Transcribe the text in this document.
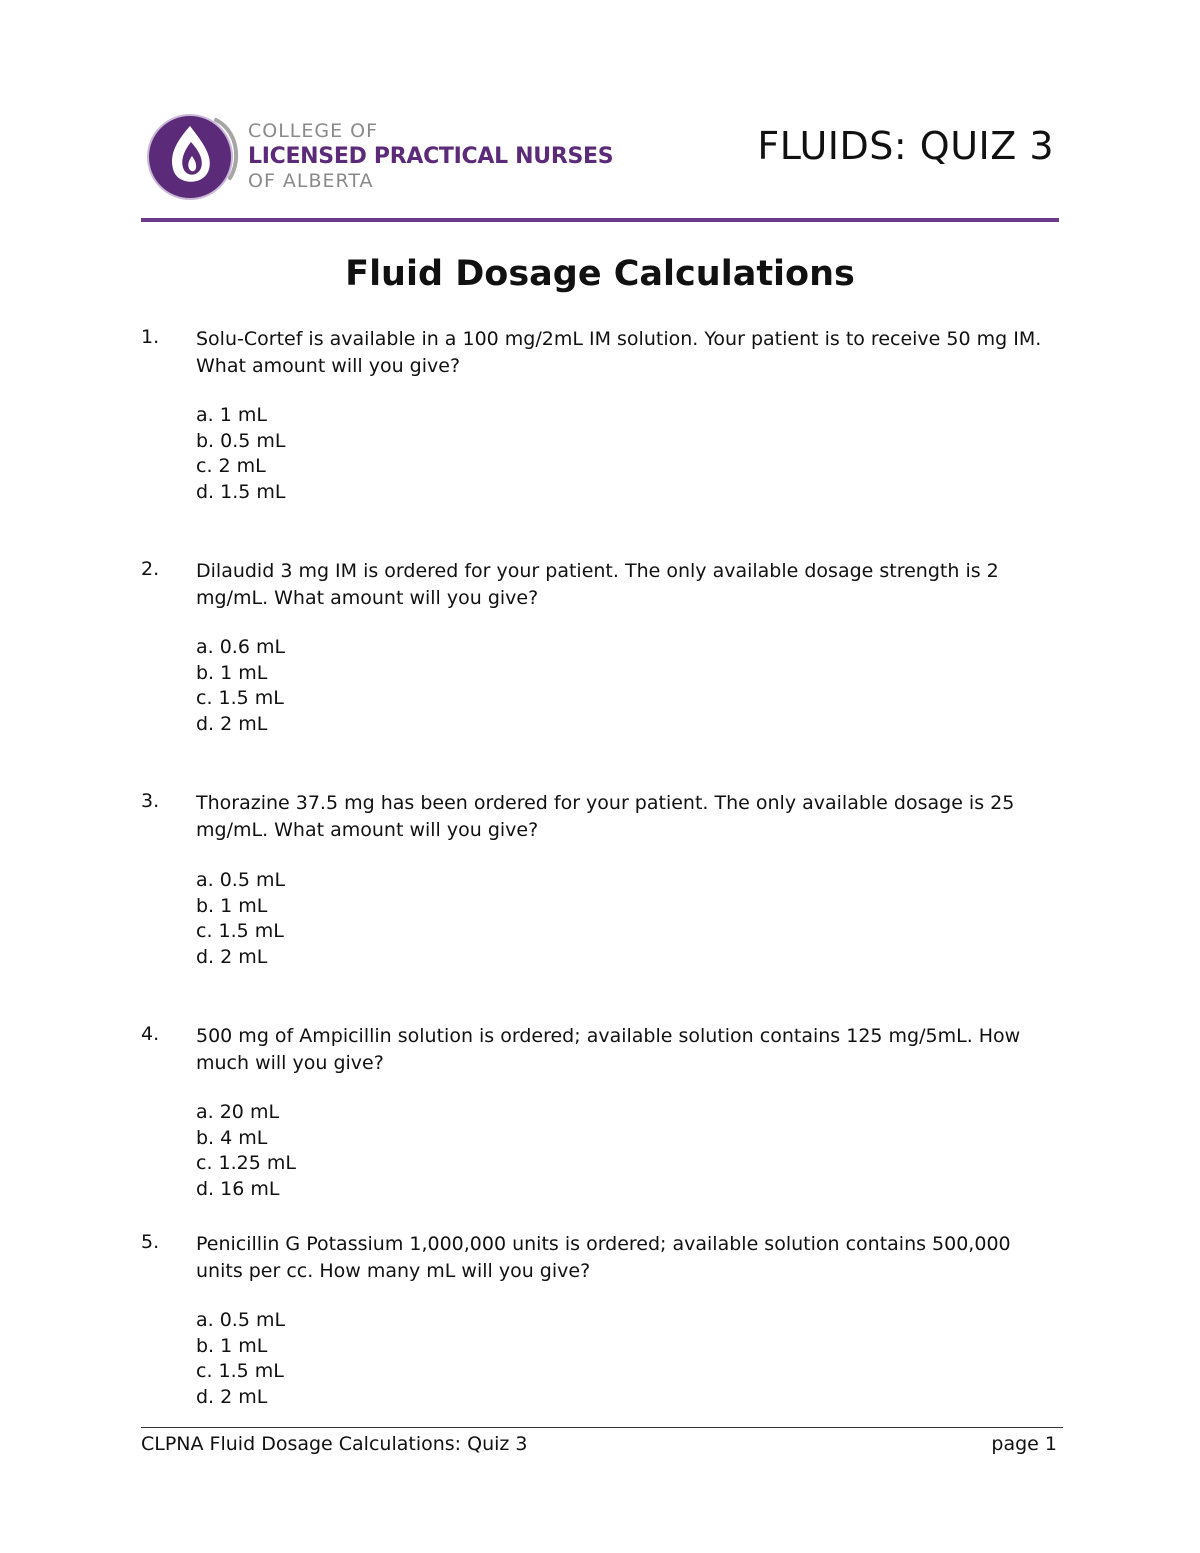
COLLEGE OF
LICENSED PRACTICAL NURSES
OF ALBERTA
FLUIDS: QUIZ 3
Fluid Dosage Calculations
1. Solu-Cortef is available in a 100 mg/2mL IM solution. Your patient is to receive 50 mg IM. What amount will you give?
a. 1 mL
b. 0.5 mL
c. 2 mL
d. 1.5 mL
2. Dilaudid 3 mg IM is ordered for your patient. The only available dosage strength is 2 mg/mL. What amount will you give?
a. 0.6 mL
b. 1 mL
c. 1.5 mL
d. 2 mL
3. Thorazine 37.5 mg has been ordered for your patient. The only available dosage is 25 mg/mL. What amount will you give?
a. 0.5 mL
b. 1 mL
c. 1.5 mL
d. 2 mL
4. 500 mg of Ampicillin solution is ordered; available solution contains 125 mg/5mL. How much will you give?
a. 20 mL
b. 4 mL
c. 1.25 mL
d. 16 mL
5. Penicillin G Potassium 1,000,000 units is ordered; available solution contains 500,000 units per cc. How many mL will you give?
a. 0.5 mL
b. 1 mL
c. 1.5 mL
d. 2 mL
CLPNA Fluid Dosage Calculations: Quiz 3	page 1
